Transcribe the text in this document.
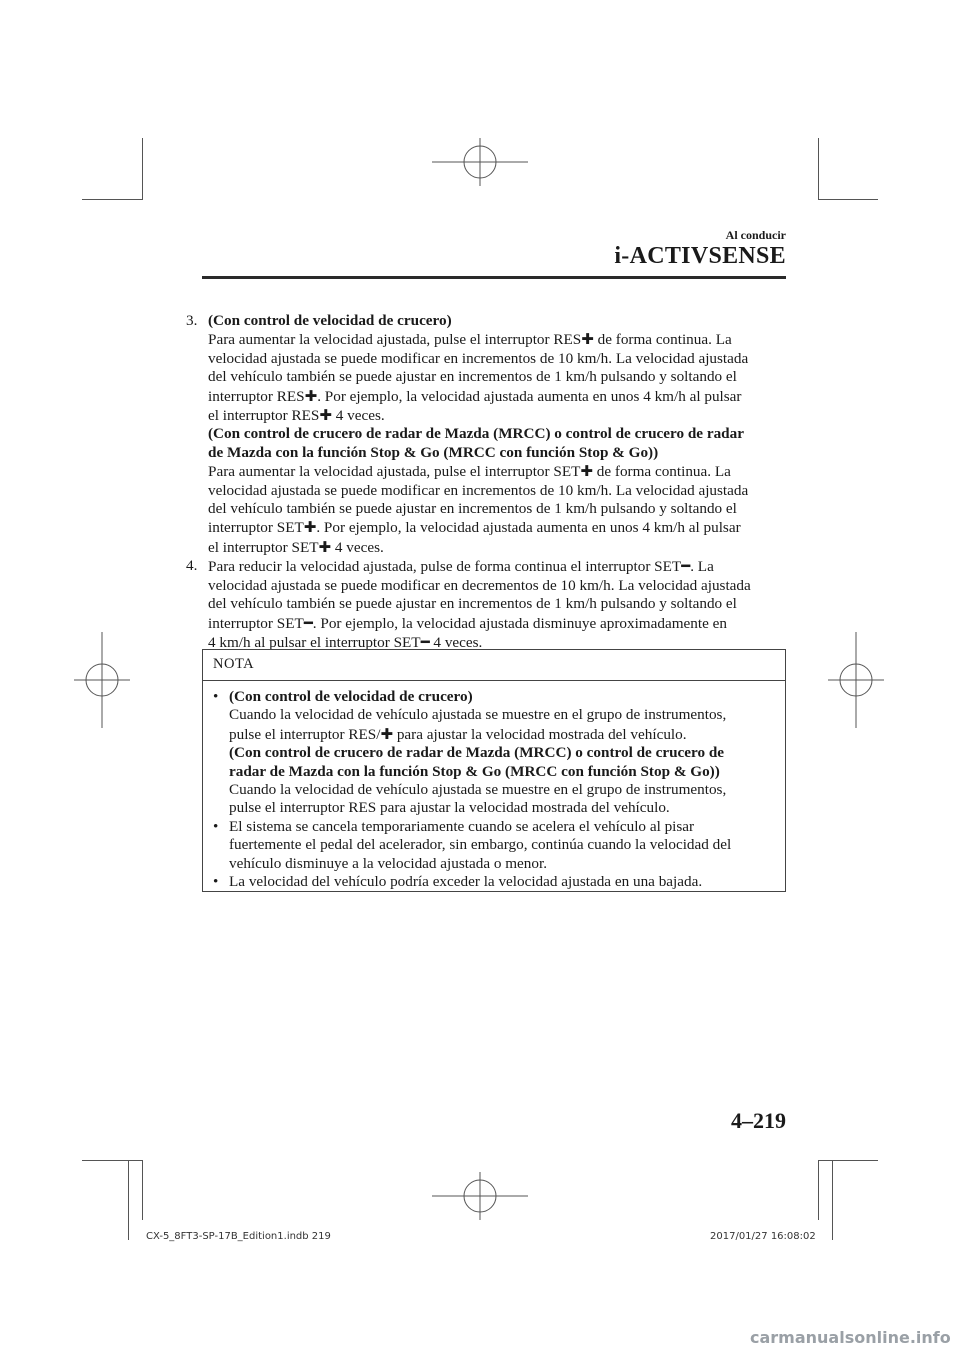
Al conducir
i-ACTIVSENSE
3. (Con control de velocidad de crucero)
Para aumentar la velocidad ajustada, pulse el interruptor RES✚ de forma continua. La
velocidad ajustada se puede modificar en incrementos de 10 km/h. La velocidad ajustada
del vehículo también se puede ajustar en incrementos de 1 km/h pulsando y soltando el
interruptor RES✚. Por ejemplo, la velocidad ajustada aumenta en unos 4 km/h al pulsar
el interruptor RES✚ 4 veces.
(Con control de crucero de radar de Mazda (MRCC) o control de crucero de radar
de Mazda con la función Stop & Go (MRCC con función Stop & Go))
Para aumentar la velocidad ajustada, pulse el interruptor SET✚ de forma continua. La
velocidad ajustada se puede modificar en incrementos de 10 km/h. La velocidad ajustada
del vehículo también se puede ajustar en incrementos de 1 km/h pulsando y soltando el
interruptor SET✚. Por ejemplo, la velocidad ajustada aumenta en unos 4 km/h al pulsar
el interruptor SET✚ 4 veces.
4. Para reducir la velocidad ajustada, pulse de forma continua el interruptor SET━. La
velocidad ajustada se puede modificar en decrementos de 10 km/h. La velocidad ajustada
del vehículo también se puede ajustar en incrementos de 1 km/h pulsando y soltando el
interruptor SET━. Por ejemplo, la velocidad ajustada disminuye aproximadamente en
4 km/h al pulsar el interruptor SET━ 4 veces.
NOTA
• (Con control de velocidad de crucero)
Cuando la velocidad de vehículo ajustada se muestre en el grupo de instrumentos,
pulse el interruptor RES/✚ para ajustar la velocidad mostrada del vehículo.
(Con control de crucero de radar de Mazda (MRCC) o control de crucero de
radar de Mazda con la función Stop & Go (MRCC con función Stop & Go))
Cuando la velocidad de vehículo ajustada se muestre en el grupo de instrumentos,
pulse el interruptor RES para ajustar la velocidad mostrada del vehículo.
• El sistema se cancela temporariamente cuando se acelera el vehículo al pisar
fuertemente el pedal del acelerador, sin embargo, continúa cuando la velocidad del
vehículo disminuye a la velocidad ajustada o menor.
• La velocidad del vehículo podría exceder la velocidad ajustada en una bajada.
4–219
CX-5_8FT3-SP-17B_Edition1.indb 219	2017/01/27 16:08:02
carmanualsonline.info
